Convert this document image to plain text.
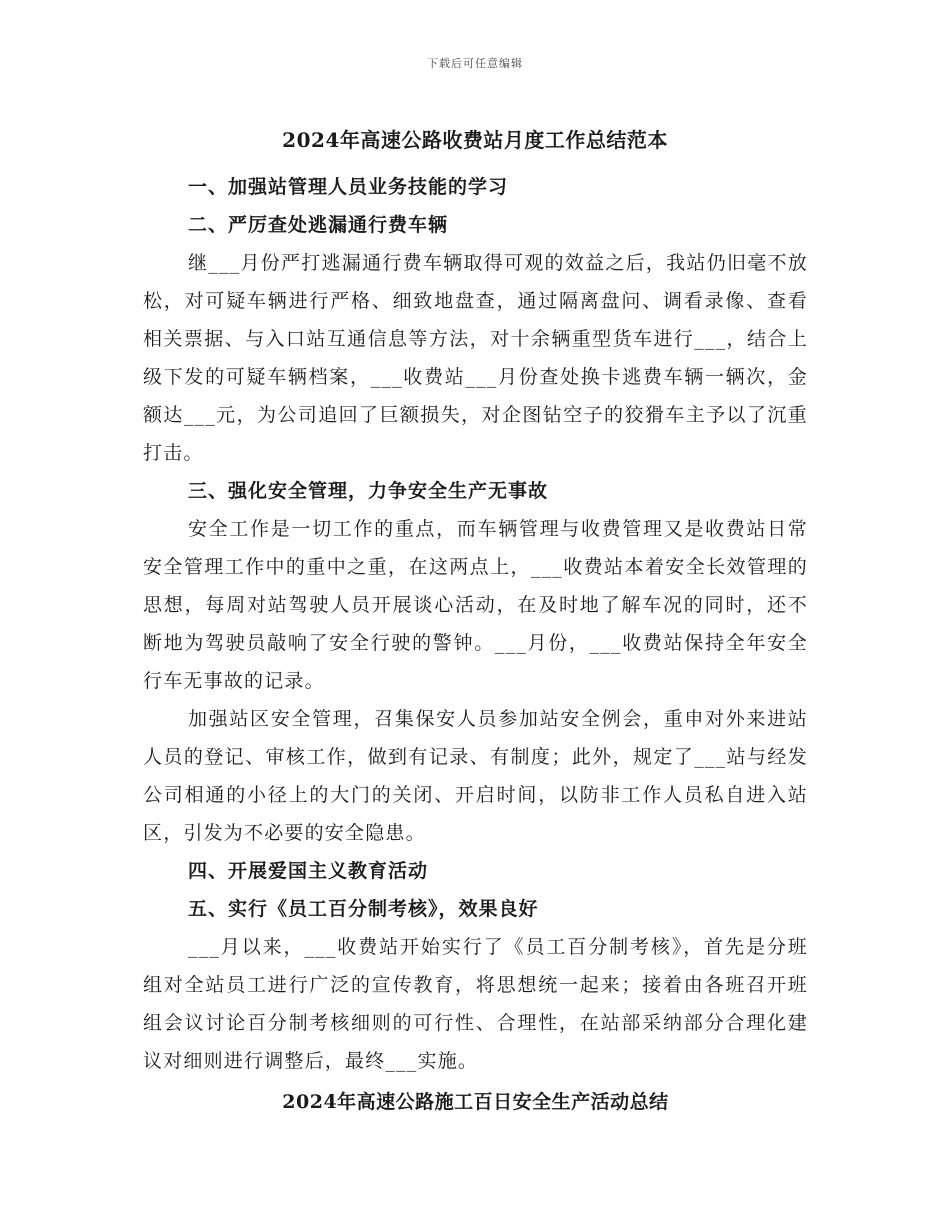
下载后可任意编辑
2024年高速公路收费站月度工作总结范本
一、加强站管理人员业务技能的学习
二、严厉查处逃漏通行费车辆
继___月份严打逃漏通行费车辆取得可观的效益之后，我站仍旧毫不放松，对可疑车辆进行严格、细致地盘查，通过隔离盘问、调看录像、查看相关票据、与入口站互通信息等方法，对十余辆重型货车进行___，结合上级下发的可疑车辆档案，___收费站___月份查处换卡逃费车辆一辆次，金额达___元，为公司追回了巨额损失，对企图钻空子的狡猾车主予以了沉重打击。
三、强化安全管理，力争安全生产无事故
安全工作是一切工作的重点，而车辆管理与收费管理又是收费站日常安全管理工作中的重中之重，在这两点上，___收费站本着安全长效管理的思想，每周对站驾驶人员开展谈心活动，在及时地了解车况的同时，还不断地为驾驶员敲响了安全行驶的警钟。___月份，___收费站保持全年安全行车无事故的记录。
加强站区安全管理，召集保安人员参加站安全例会，重申对外来进站人员的登记、审核工作，做到有记录、有制度；此外，规定了___站与经发公司相通的小径上的大门的关闭、开启时间，以防非工作人员私自进入站区，引发为不必要的安全隐患。
四、开展爱国主义教育活动
五、实行《员工百分制考核》，效果良好
___月以来，___收费站开始实行了《员工百分制考核》，首先是分班组对全站员工进行广泛的宣传教育，将思想统一起来；接着由各班召开班组会议讨论百分制考核细则的可行性、合理性，在站部采纳部分合理化建议对细则进行调整后，最终___实施。
2024年高速公路施工百日安全生产活动总结
